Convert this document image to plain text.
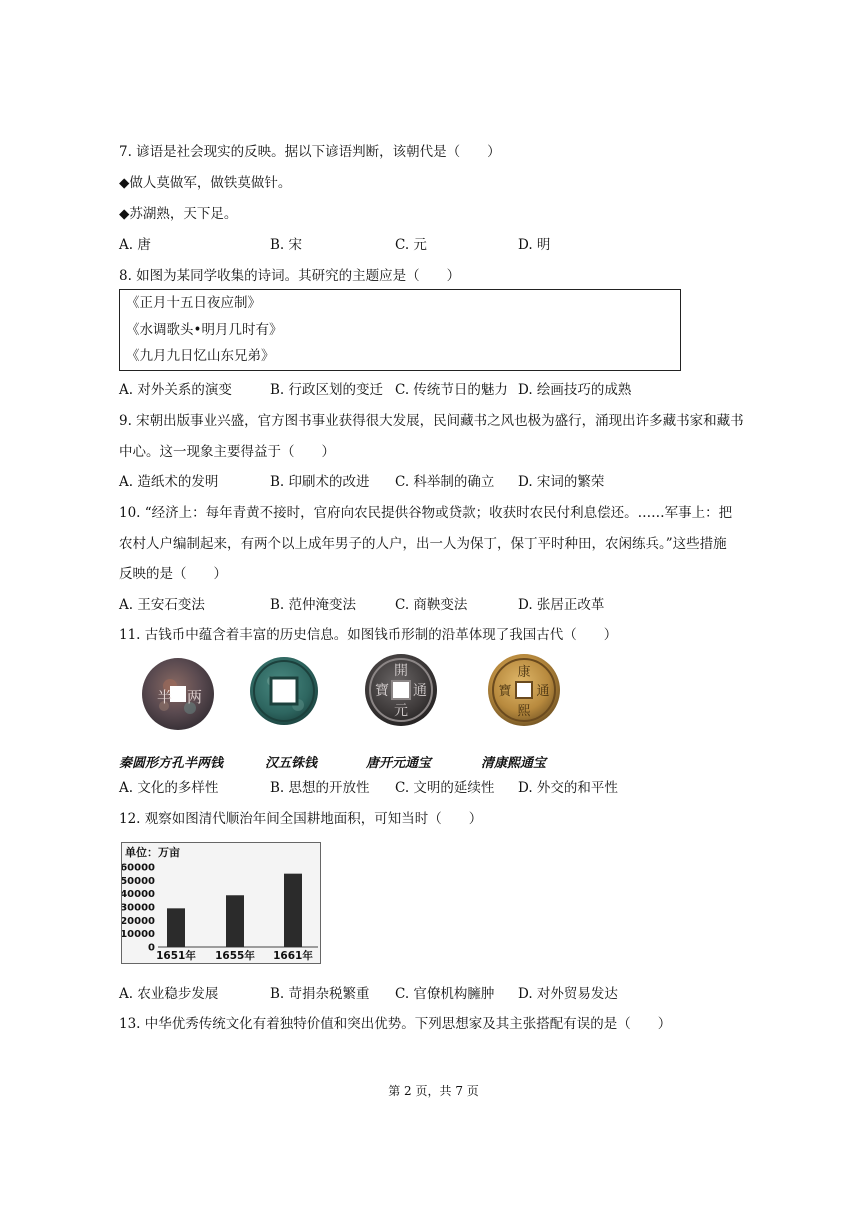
7. 谚语是社会现实的反映。据以下谚语判断，该朝代是（　　）
◆做人莫做军，做铁莫做针。
◆苏湖熟，天下足。
A. 唐	B. 宋	C. 元	D. 明
8. 如图为某同学收集的诗词。其研究的主题应是（　　）
《正月十五日夜应制》
《水调歌头•明月几时有》
《九月九日忆山东兄弟》
A. 对外关系的演变	B. 行政区划的变迁 C. 传统节日的魅力 D. 绘画技巧的成熟
9. 宋朝出版事业兴盛，官方图书事业获得很大发展，民间藏书之风也极为盛行，涌现出许多藏书家和藏书
中心。这一现象主要得益于（　　）
A. 造纸术的发明	B. 印刷术的改进 C. 科举制的确立 D. 宋词的繁荣
10. “经济上：每年青黄不接时，官府向农民提供谷物或贷款；收获时农民付利息偿还。……军事上：把
农村人户编制起来，有两个以上成年男子的人户，出一人为保丁，保丁平时种田，农闲练兵。”这些措施
反映的是（　　）
A. 王安石变法	B. 范仲淹变法	C. 商鞅变法	D. 张居正改革
11. 古钱币中蕴含着丰富的历史信息。如图钱币形制的沿革体现了我国古代（　　）
半 两
開
元
通
寶
康
熙
通
寶
秦圆形方孔半两钱	汉五铢钱	唐开元通宝	清康熙通宝
A. 文化的多样性	B. 思想的开放性 C. 文明的延续性 D. 外交的和平性
12. 观察如图清代顺治年间全国耕地面积，可知当时（　　）
单位：万亩
60000
50000
40000
30000
20000
10000
0
1651年 1655年 1661年
A. 农业稳步发展	B. 苛捐杂税繁重 C. 官僚机构臃肿 D. 对外贸易发达
13. 中华优秀传统文化有着独特价值和突出优势。下列思想家及其主张搭配有误的是（　　）
第 2 页，共 7 页
